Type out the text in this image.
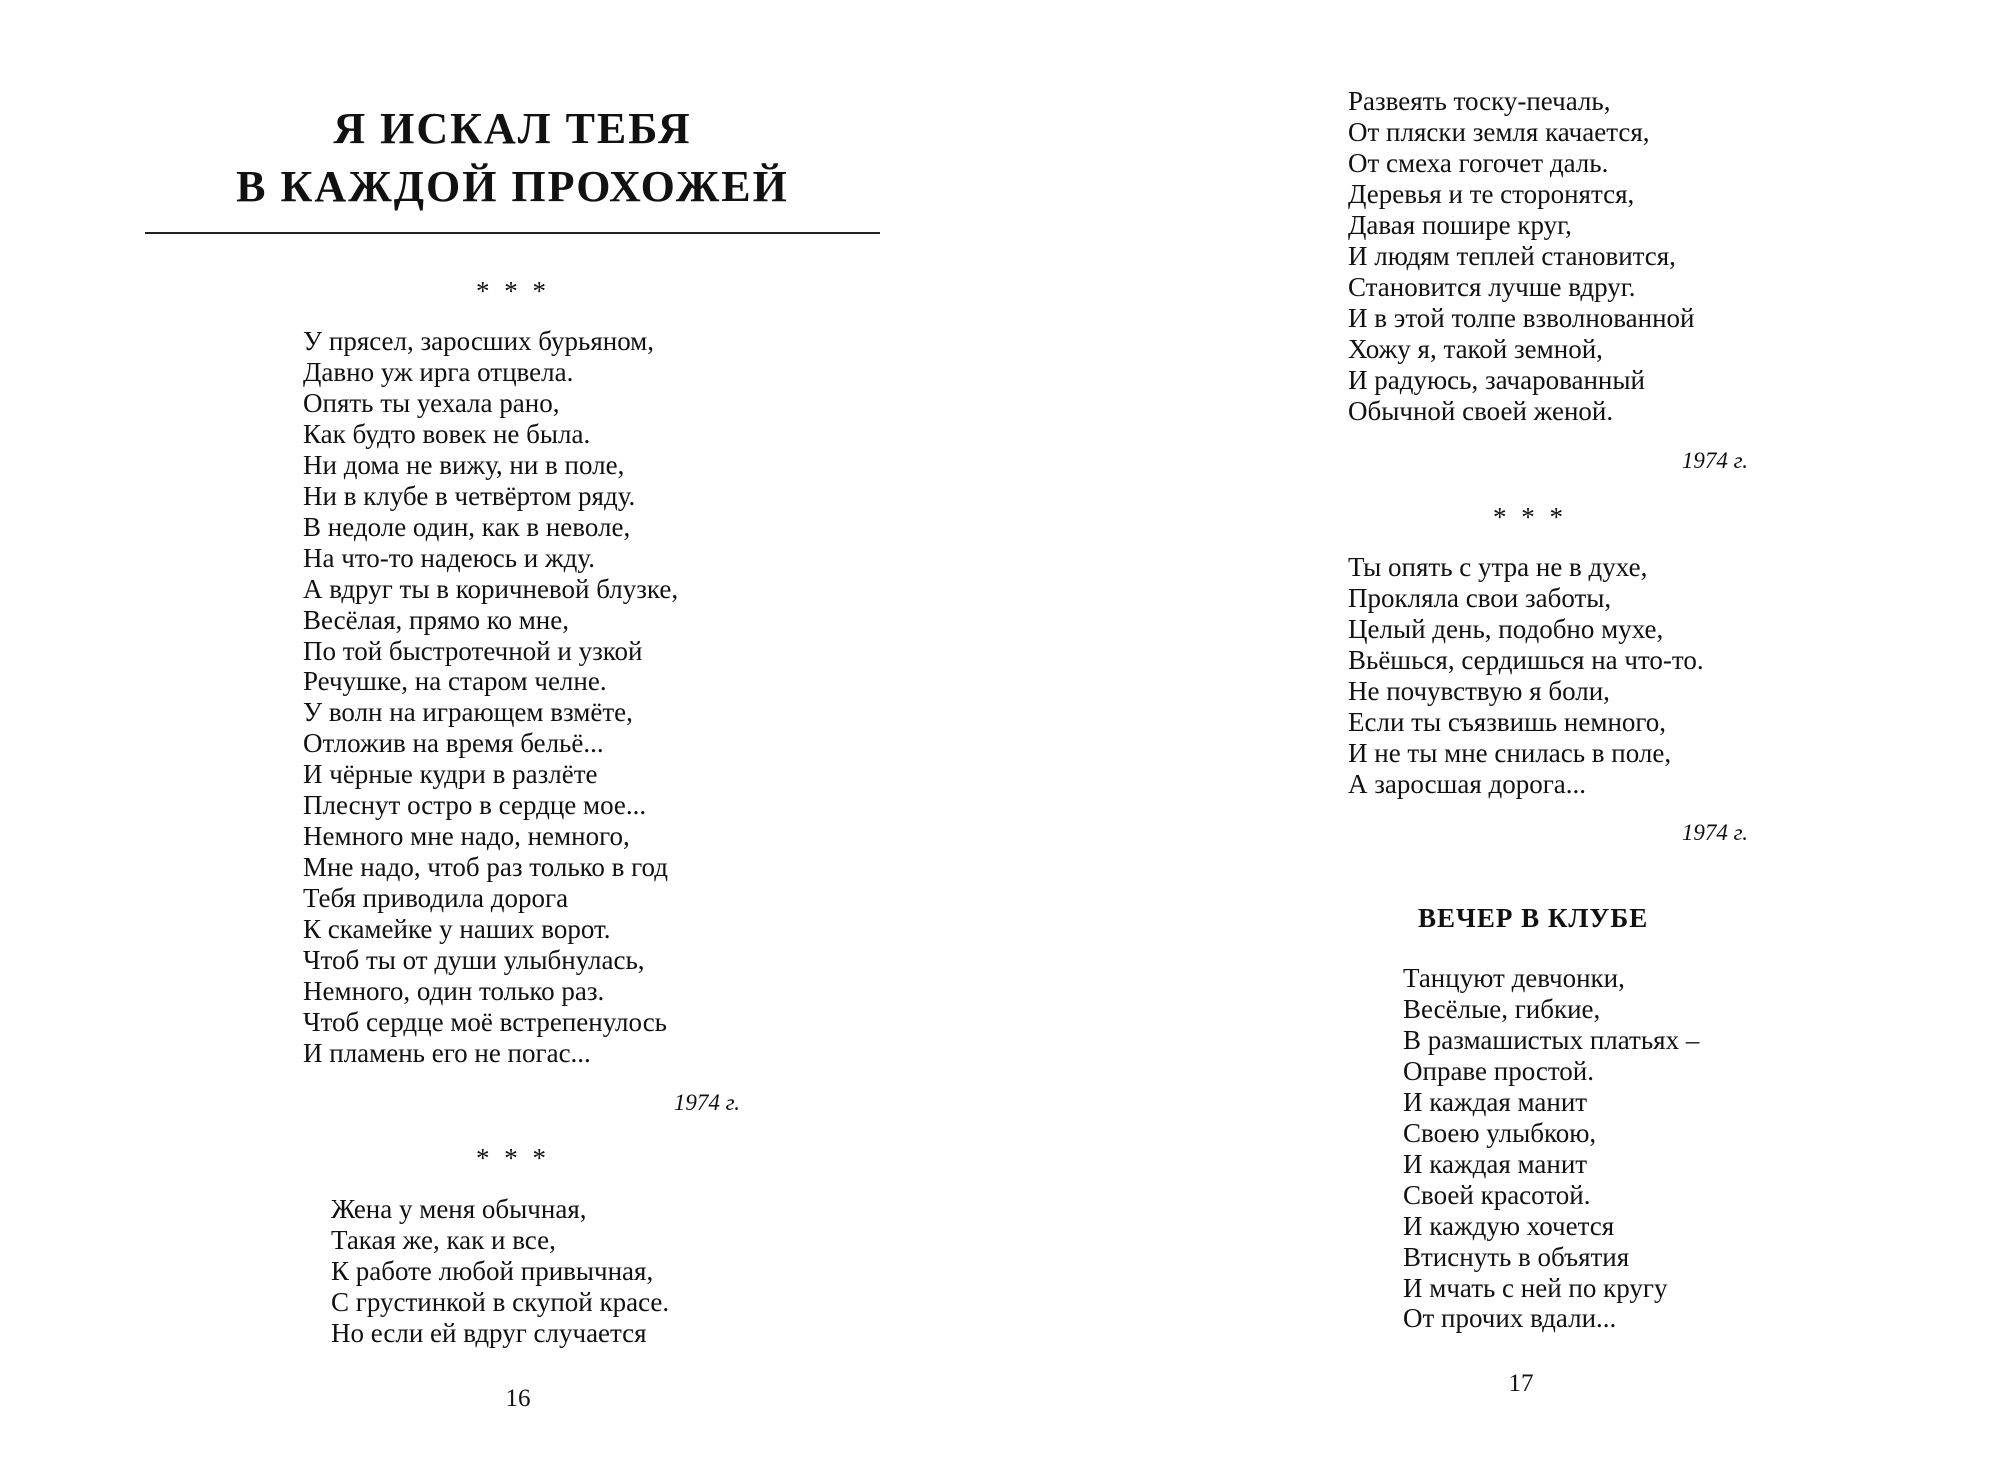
Я ИСКАЛ ТЕБЯ
В КАЖДОЙ ПРОХОЖЕЙ
* * *
У прясел, заросших бурьяном,
Давно уж ирга отцвела.
Опять ты уехала рано,
Как будто вовек не была.
Ни дома не вижу, ни в поле,
Ни в клубе в четвёртом ряду.
В недоле один, как в неволе,
На что-то надеюсь и жду.
А вдруг ты в коричневой блузке,
Весёлая, прямо ко мне,
По той быстротечной и узкой
Речушке, на старом челне.
У волн на играющем взмёте,
Отложив на время бельё...
И чёрные кудри в разлёте
Плеснут остро в сердце мое...
Немного мне надо, немного,
Мне надо, чтоб раз только в год
Тебя приводила дорога
К скамейке у наших ворот.
Чтоб ты от души улыбнулась,
Немного, один только раз.
Чтоб сердце моё встрепенулось
И пламень его не погас...
1974 г.
* * *
Жена у меня обычная,
Такая же, как и все,
К работе любой привычная,
С грустинкой в скупой красе.
Но если ей вдруг случается
16
Развеять тоску-печаль,
От пляски земля качается,
От смеха гогочет даль.
Деревья и те сторонятся,
Давая пошире круг,
И людям теплей становится,
Становится лучше вдруг.
И в этой толпе взволнованной
Хожу я, такой земной,
И радуюсь, зачарованный
Обычной своей женой.
1974 г.
* * *
Ты опять с утра не в духе,
Прокляла свои заботы,
Целый день, подобно мухе,
Вьёшься, сердишься на что-то.
Не почувствую я боли,
Если ты съязвишь немного,
И не ты мне снилась в поле,
А заросшая дорога...
1974 г.
ВЕЧЕР В КЛУБЕ
Танцуют девчонки,
Весёлые, гибкие,
В размашистых платьях –
Оправе простой.
И каждая манит
Своею улыбкою,
И каждая манит
Своей красотой.
И каждую хочется
Втиснуть в объятия
И мчать с ней по кругу
От прочих вдали...
17
